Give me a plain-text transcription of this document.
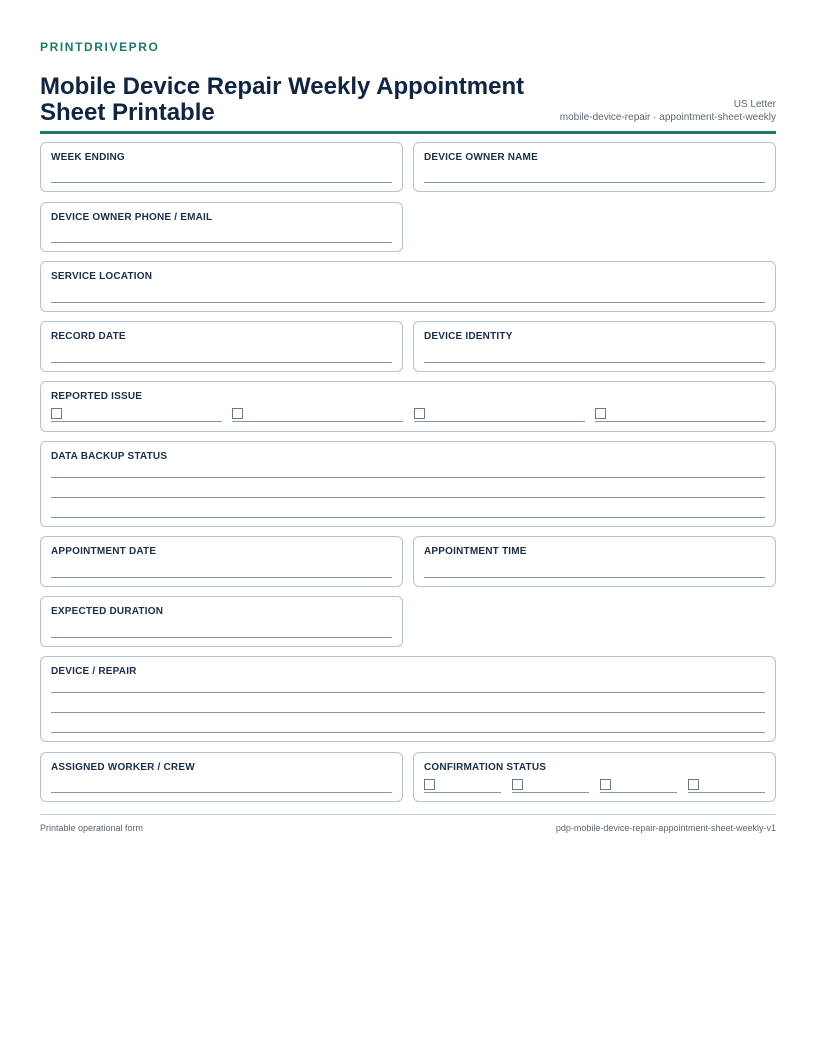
PRINTDRIVEPRO
Mobile Device Repair Weekly Appointment Sheet Printable	US Letter
mobile-device-repair · appointment-sheet-weekly
WEEK ENDING	DEVICE OWNER NAME
DEVICE OWNER PHONE / EMAIL
SERVICE LOCATION
RECORD DATE	DEVICE IDENTITY
REPORTED ISSUE
DATA BACKUP STATUS
APPOINTMENT DATE	APPOINTMENT TIME
EXPECTED DURATION
DEVICE / REPAIR
ASSIGNED WORKER / CREW	CONFIRMATION STATUS
Printable operational form	pdp-mobile-device-repair-appointment-sheet-weekly-v1
